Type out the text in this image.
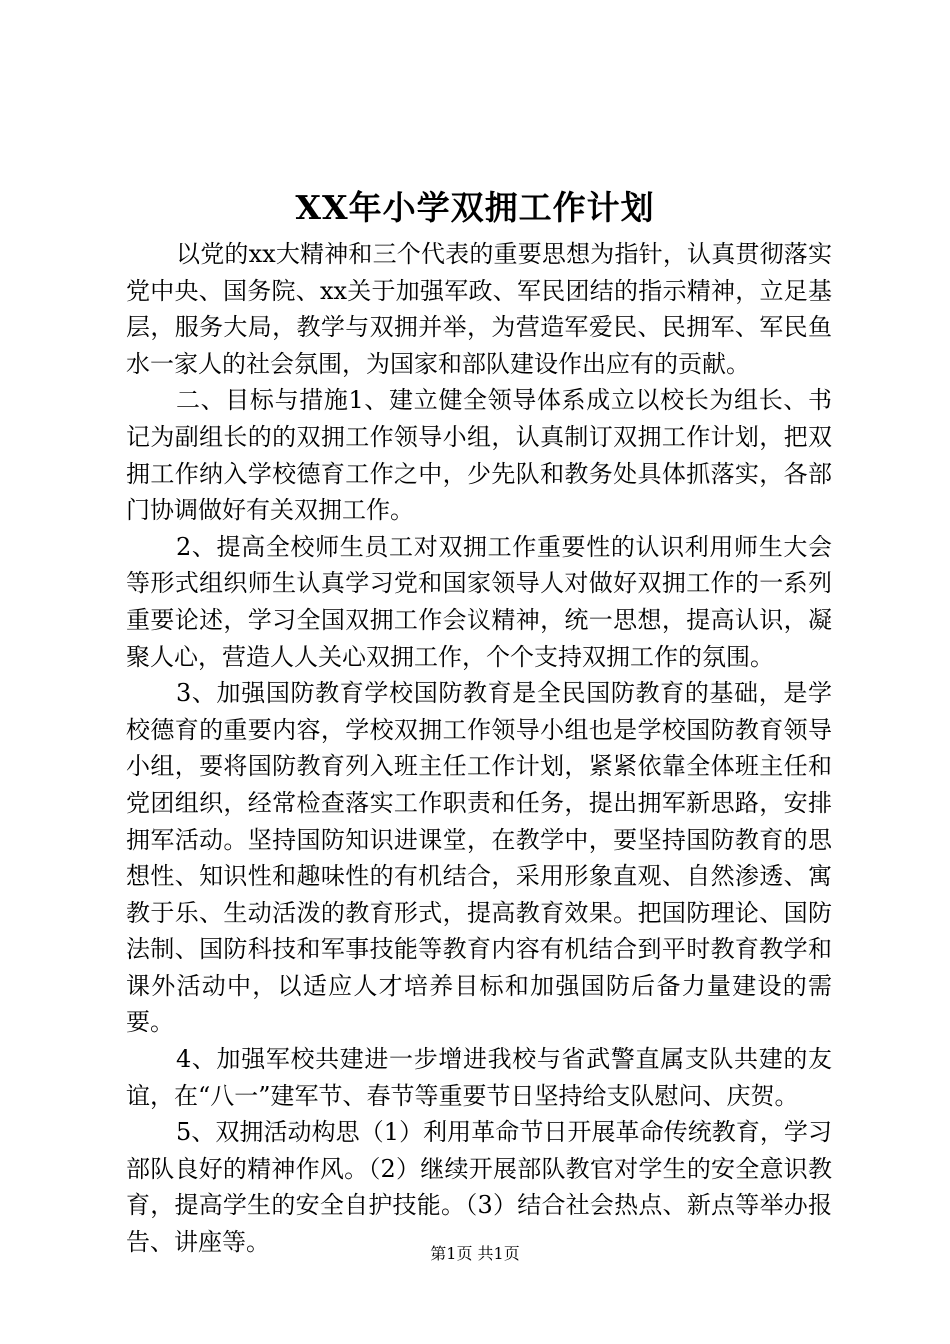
XX年小学双拥工作计划

以党的xx大精神和三个代表的重要思想为指针，认真贯彻落实党中央、国务院、xx关于加强军政、军民团结的指示精神，立足基层，服务大局，教学与双拥并举，为营造军爱民、民拥军、军民鱼水一家人的社会氛围，为国家和部队建设作出应有的贡献。

二、目标与措施1、建立健全领导体系成立以校长为组长、书记为副组长的的双拥工作领导小组，认真制订双拥工作计划，把双拥工作纳入学校德育工作之中，少先队和教务处具体抓落实，各部门协调做好有关双拥工作。

2、提高全校师生员工对双拥工作重要性的认识利用师生大会等形式组织师生认真学习党和国家领导人对做好双拥工作的一系列重要论述，学习全国双拥工作会议精神，统一思想，提高认识，凝聚人心，营造人人关心双拥工作，个个支持双拥工作的氛围。

3、加强国防教育学校国防教育是全民国防教育的基础，是学校德育的重要内容，学校双拥工作领导小组也是学校国防教育领导小组，要将国防教育列入班主任工作计划，紧紧依靠全体班主任和党团组织，经常检查落实工作职责和任务，提出拥军新思路，安排拥军活动。坚持国防知识进课堂，在教学中，要坚持国防教育的思想性、知识性和趣味性的有机结合，采用形象直观、自然渗透、寓教于乐、生动活泼的教育形式，提高教育效果。把国防理论、国防法制、国防科技和军事技能等教育内容有机结合到平时教育教学和课外活动中，以适应人才培养目标和加强国防后备力量建设的需要。

4、加强军校共建进一步增进我校与省武警直属支队共建的友谊，在“八一”建军节、春节等重要节日坚持给支队慰问、庆贺。

5、双拥活动构思（1）利用革命节日开展革命传统教育，学习部队良好的精神作风。（2）继续开展部队教官对学生的安全意识教育，提高学生的安全自护技能。（3）结合社会热点、新点等举办报告、讲座等。	第1页 共1页
